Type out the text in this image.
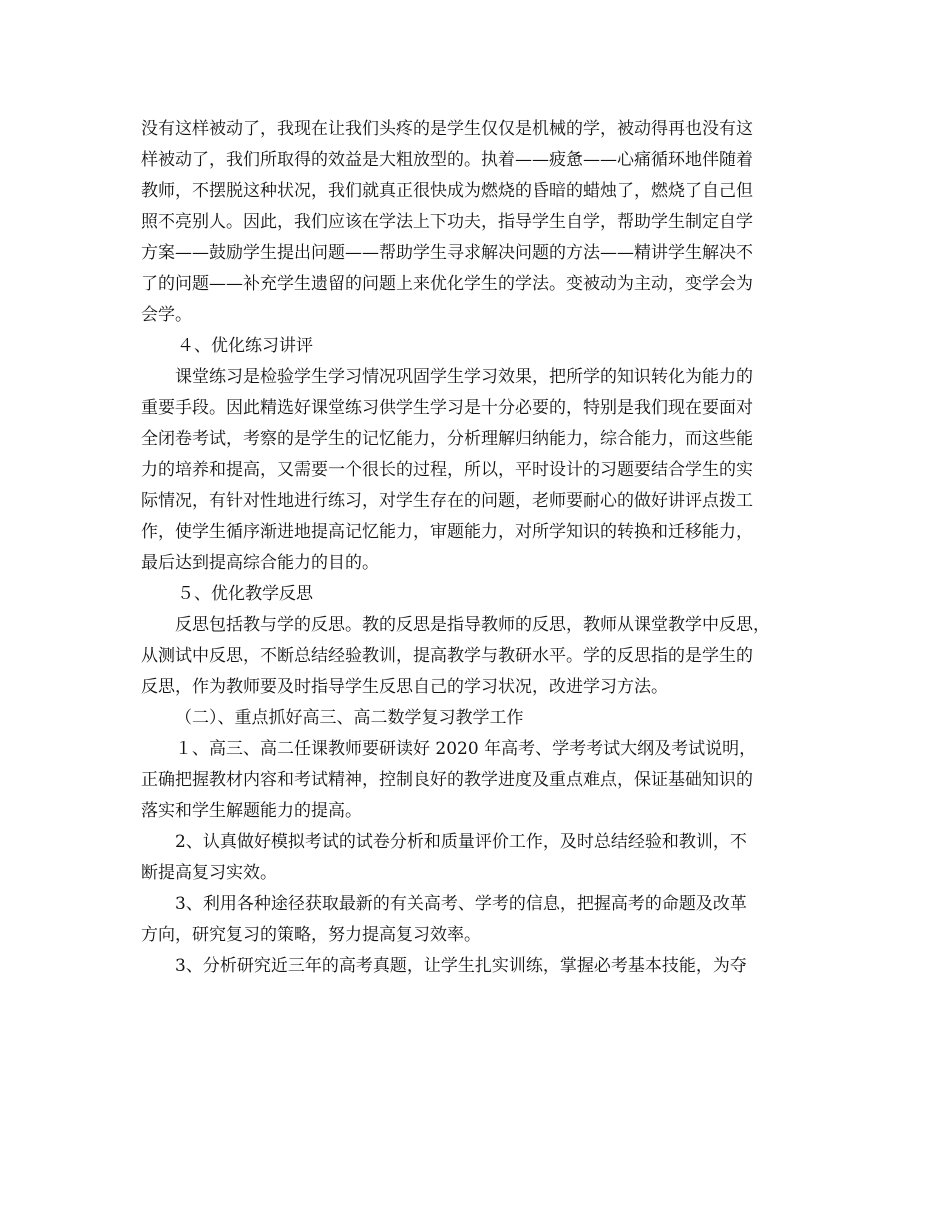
没有这样被动了，我现在让我们头疼的是学生仅仅是机械的学，被动得再也没有这
样被动了，我们所取得的效益是大粗放型的。执着——疲惫——心痛循环地伴随着
教师，不摆脱这种状况，我们就真正很快成为燃烧的昏暗的蜡烛了，燃烧了自己但
照不亮别人。因此，我们应该在学法上下功夫，指导学生自学，帮助学生制定自学
方案——鼓励学生提出问题——帮助学生寻求解决问题的方法——精讲学生解决不
了的问题——补充学生遗留的问题上来优化学生的学法。变被动为主动，变学会为
会学。
４、优化练习讲评
课堂练习是检验学生学习情况巩固学生学习效果，把所学的知识转化为能力的
重要手段。因此精选好课堂练习供学生学习是十分必要的，特别是我们现在要面对
全闭卷考试，考察的是学生的记忆能力，分析理解归纳能力，综合能力，而这些能
力的培养和提高，又需要一个很长的过程，所以，平时设计的习题要结合学生的实
际情况，有针对性地进行练习，对学生存在的问题，老师要耐心的做好讲评点拨工
作，使学生循序渐进地提高记忆能力，审题能力，对所学知识的转换和迁移能力，
最后达到提高综合能力的目的。
５、优化教学反思
反思包括教与学的反思。教的反思是指导教师的反思，教师从课堂教学中反思，
从测试中反思，不断总结经验教训，提高教学与教研水平。学的反思指的是学生的
反思，作为教师要及时指导学生反思自己的学习状况，改进学习方法。
（二）、重点抓好高三、高二数学复习教学工作
１、高三、高二任课教师要研读好 2020 年高考、学考考试大纲及考试说明，
正确把握教材内容和考试精神，控制良好的教学进度及重点难点，保证基础知识的
落实和学生解题能力的提高。
2、认真做好模拟考试的试卷分析和质量评价工作，及时总结经验和教训，不
断提高复习实效。
3、利用各种途径获取最新的有关高考、学考的信息，把握高考的命题及改革
方向，研究复习的策略，努力提高复习效率。
3、分析研究近三年的高考真题，让学生扎实训练，掌握必考基本技能，为夺
